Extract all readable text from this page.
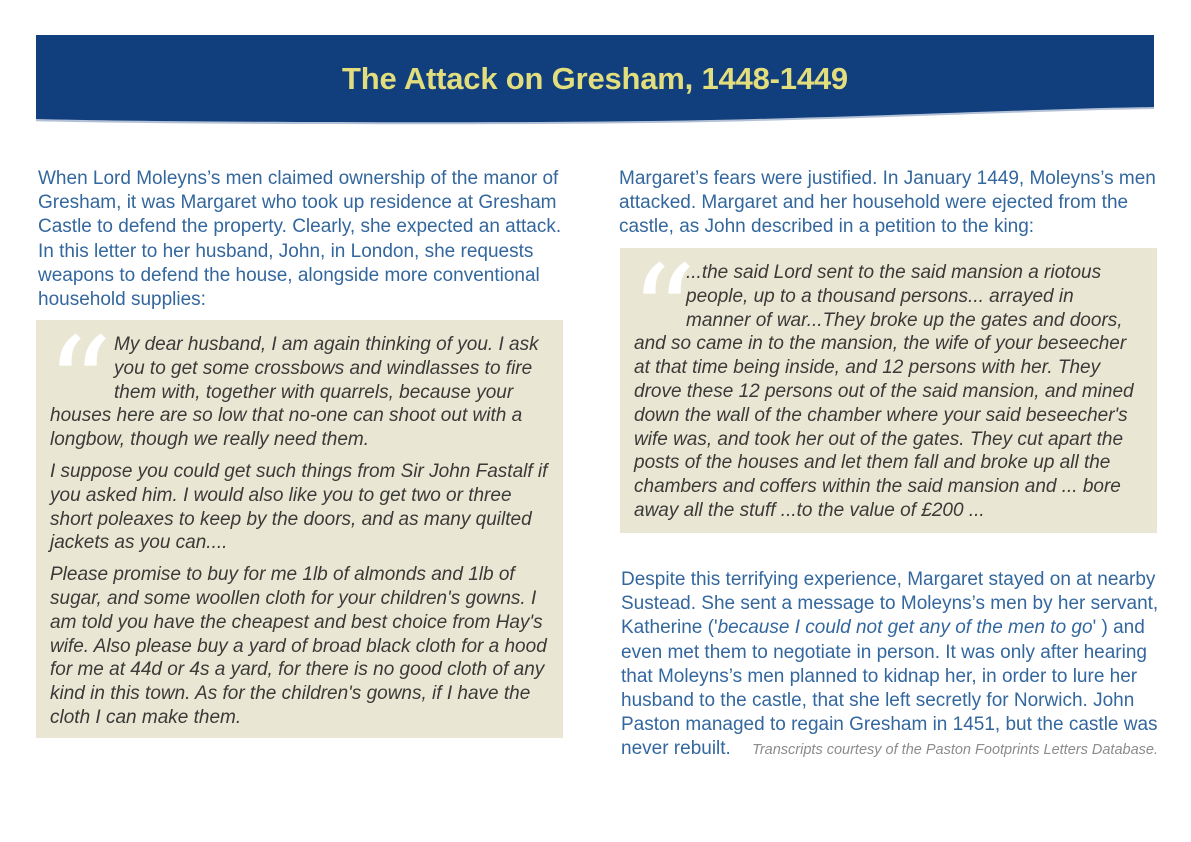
The Attack on Gresham, 1448-1449

When Lord Moleyns’s men claimed ownership of the manor of Gresham, it was Margaret who took up residence at Gresham Castle to defend the property. Clearly, she expected an attack. In this letter to her husband, John, in London, she requests weapons to defend the house, alongside more conventional household supplies:

“ My dear husband, I am again thinking of you. I ask you to get some crossbows and windlasses to fire them with, together with quarrels, because your houses here are so low that no-one can shoot out with a longbow, though we really need them.

I suppose you could get such things from Sir John Fastalf if you asked him. I would also like you to get two or three short poleaxes to keep by the doors, and as many quilted jackets as you can....

Please promise to buy for me 1lb of almonds and 1lb of sugar, and some woollen cloth for your children's gowns. I am told you have the cheapest and best choice from Hay's wife. Also please buy a yard of broad black cloth for a hood for me at 44d or 4s a yard, for there is no good cloth of any kind in this town. As for the children's gowns, if I have the cloth I can make them.

Margaret’s fears were justified. In January 1449, Moleyns’s men attacked. Margaret and her household were ejected from the castle, as John described in a petition to the king:

“

...the said Lord sent to the said mansion a riotous people, up to a thousand persons... arrayed in manner of war...They broke up the gates and doors, and so came in to the mansion, the wife of your beseecher at that time being inside, and 12 persons with her. They drove these 12 persons out of the said mansion, and mined down the wall of the chamber where your said beseecher's wife was, and took her out of the gates. They cut apart the posts of the houses and let them fall and broke up all the chambers and coffers within the said mansion and ... bore away all the stuff ...to the value of £200 ...

Despite this terrifying experience, Margaret stayed on at nearby Sustead. She sent a message to Moleyns’s men by her servant, Katherine ('because I could not get any of the men to go' ) and even met them to negotiate in person. It was only after hearing that Moleyns’s men planned to kidnap her, in order to lure her husband to the castle, that she left secretly for Norwich. John Paston managed to regain Gresham in 1451, but the castle was never rebuilt.	Transcripts courtesy of the Paston Footprints Letters Database.
